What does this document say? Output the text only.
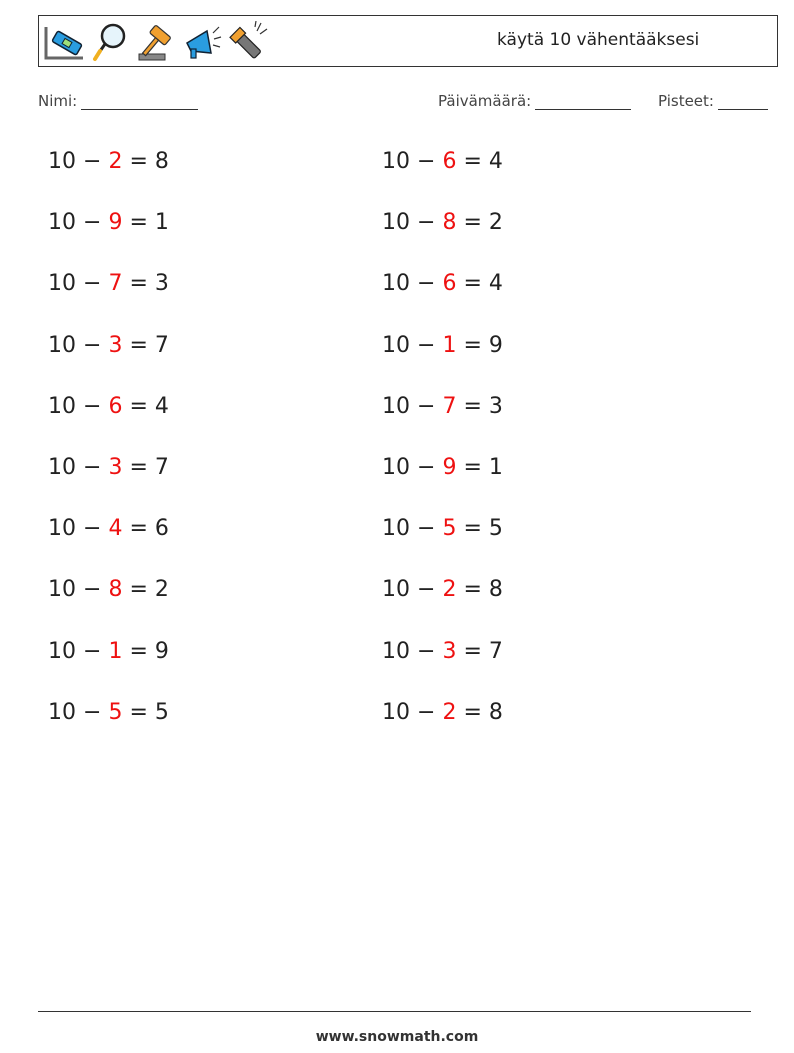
käytä 10 vähentääksesi
Nimi:	Päivämäärä:	Pisteet:
10 − 2 = 8	10 − 6 = 4
10 − 9 = 1	10 − 8 = 2
10 − 7 = 3	10 − 6 = 4
10 − 3 = 7	10 − 1 = 9
10 − 6 = 4	10 − 7 = 3
10 − 3 = 7	10 − 9 = 1
10 − 4 = 6	10 − 5 = 5
10 − 8 = 2	10 − 2 = 8
10 − 1 = 9	10 − 3 = 7
10 − 5 = 5	10 − 2 = 8
www.snowmath.com
